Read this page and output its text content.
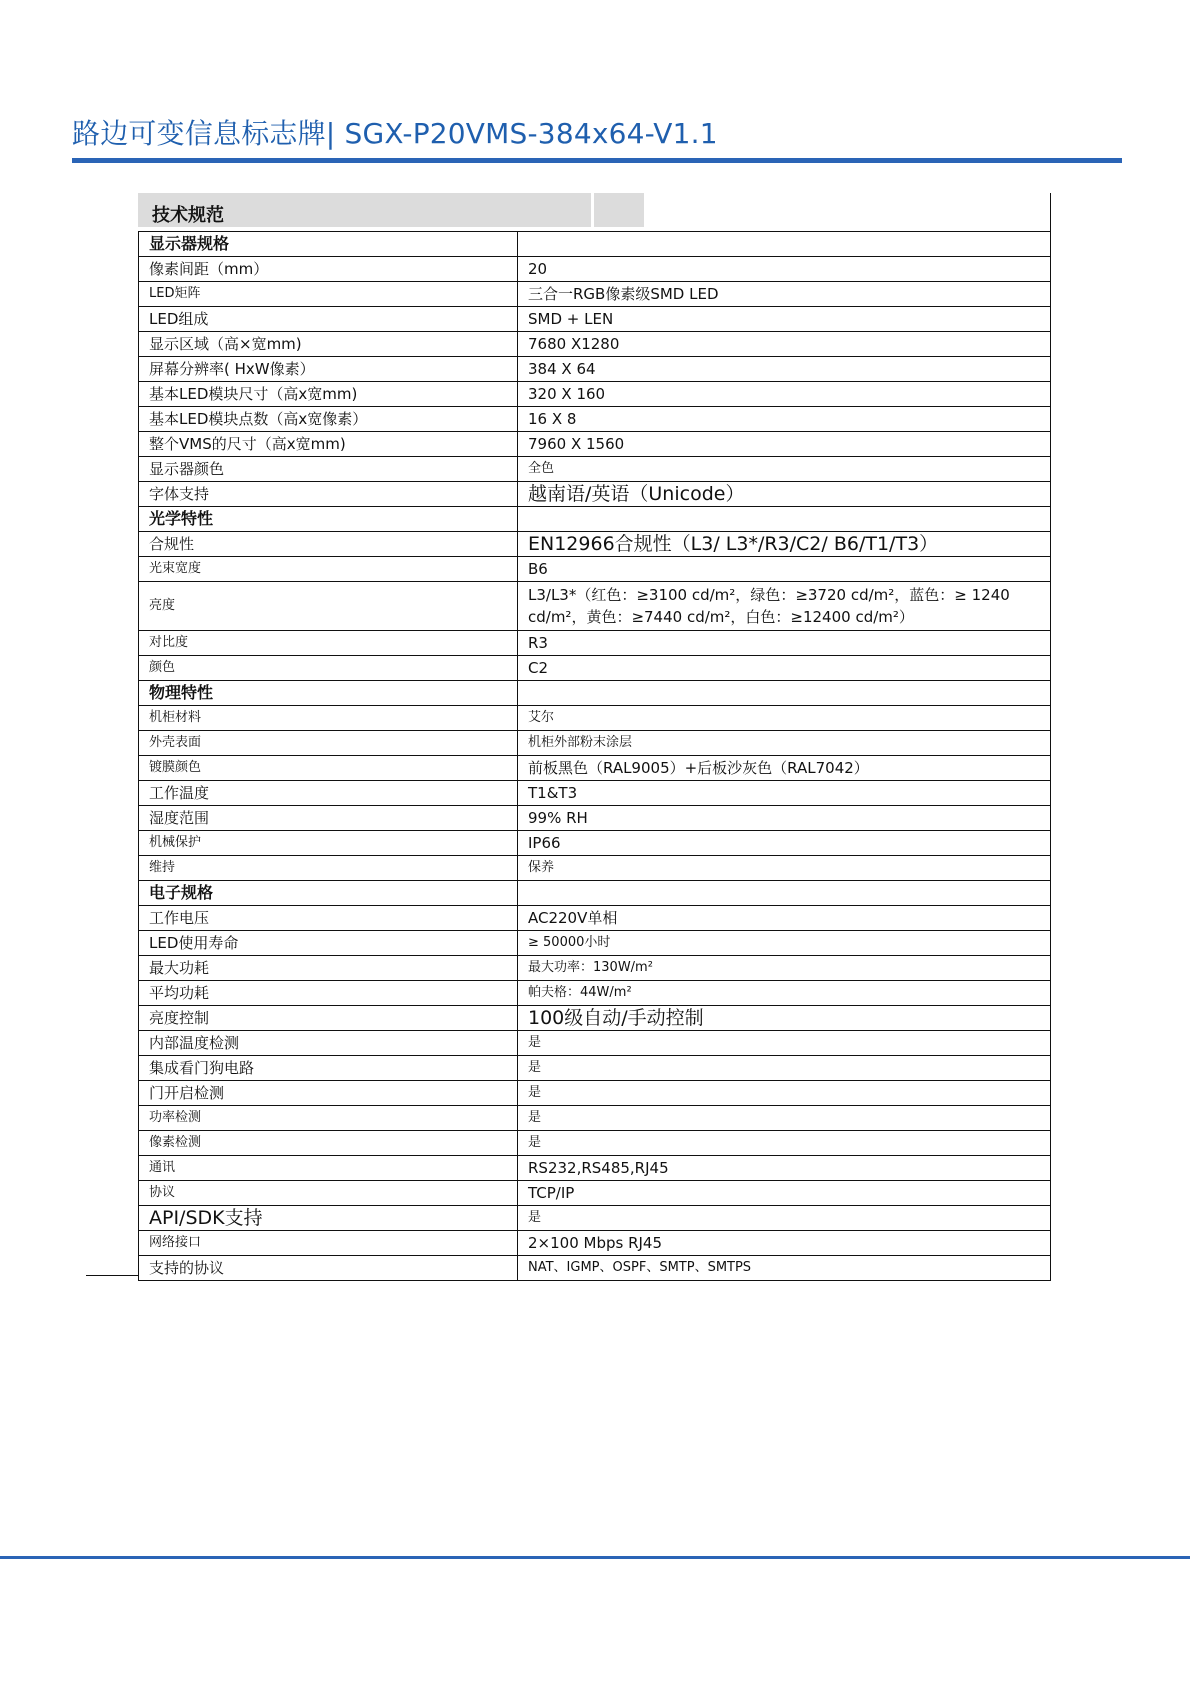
路边可变信息标志牌| SGX-P20VMS-384x64-V1.1
技术规范
显示器规格	
像素间距（mm）	20
LED矩阵	三合一RGB像素级SMD LED
LED组成	SMD + LEN
显示区域（高×宽mm)	7680 X1280
屏幕分辨率( HxW像素）	384 X 64
基本LED模块尺寸（高x宽mm)	320 X 160
基本LED模块点数（高x宽像素）	16 X 8
整个VMS的尺寸（高x宽mm)	7960 X 1560
显示器颜色	全色
字体支持	越南语/英语（Unicode）
光学特性	
合规性	EN12966合规性（L3/ L3*/R3/C2/ B6/T1/T3）
光束宽度	B6
亮度	L3/L3*（红色：≥3100 cd/m²，绿色：≥3720 cd/m²，蓝色：≥ 1240 cd/m²，黄色：≥7440 cd/m²，白色：≥12400 cd/m²）
对比度	R3
颜色	C2
物理特性	
机柜材料	艾尔
外壳表面	机柜外部粉末涂层
镀膜颜色	前板黑色（RAL9005）+后板沙灰色（RAL7042）
工作温度	T1&T3
湿度范围	99% RH
机械保护	IP66
维持	保养
电子规格	
工作电压	AC220V单相
LED使用寿命	≥ 50000小时
最大功耗	最大功率：130W/m²
平均功耗	帕夫格：44W/m²
亮度控制	100级自动/手动控制
内部温度检测	是
集成看门狗电路	是
门开启检测	是
功率检测	是
像素检测	是
通讯	RS232,RS485,RJ45
协议	TCP/IP
API/SDK支持	是
网络接口	2×100 Mbps RJ45
支持的协议	NAT、IGMP、OSPF、SMTP、SMTPS
